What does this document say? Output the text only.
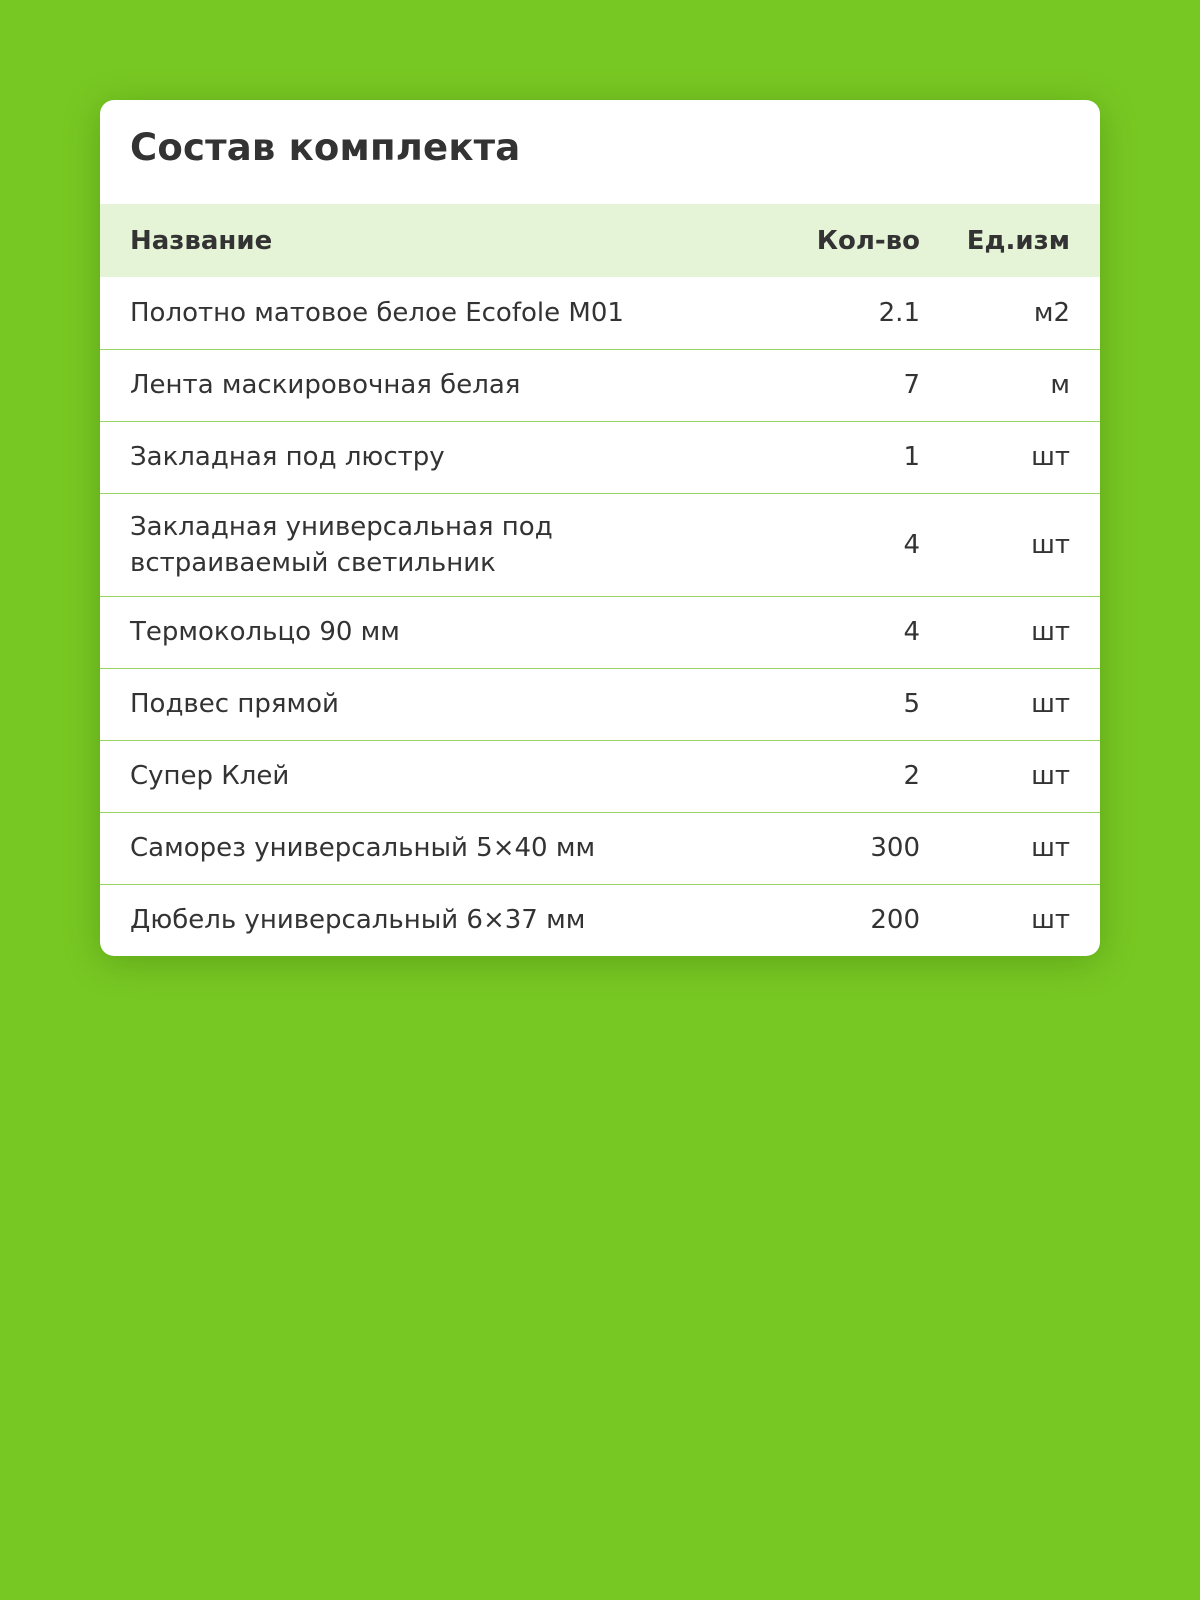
Состав комплекта
Название	Кол-во	Ед.изм
Полотно матовое белое Ecofole M01	2.1	м2
Лента маскировочная белая	7	м
Закладная под люстру	1	шт
Закладная универсальная под
встраиваемый светильник	4	шт
Термокольцо 90 мм	4	шт
Подвес прямой	5	шт
Супер Клей	2	шт
Саморез универсальный 5×40 мм	300	шт
Дюбель универсальный 6×37 мм	200	шт
